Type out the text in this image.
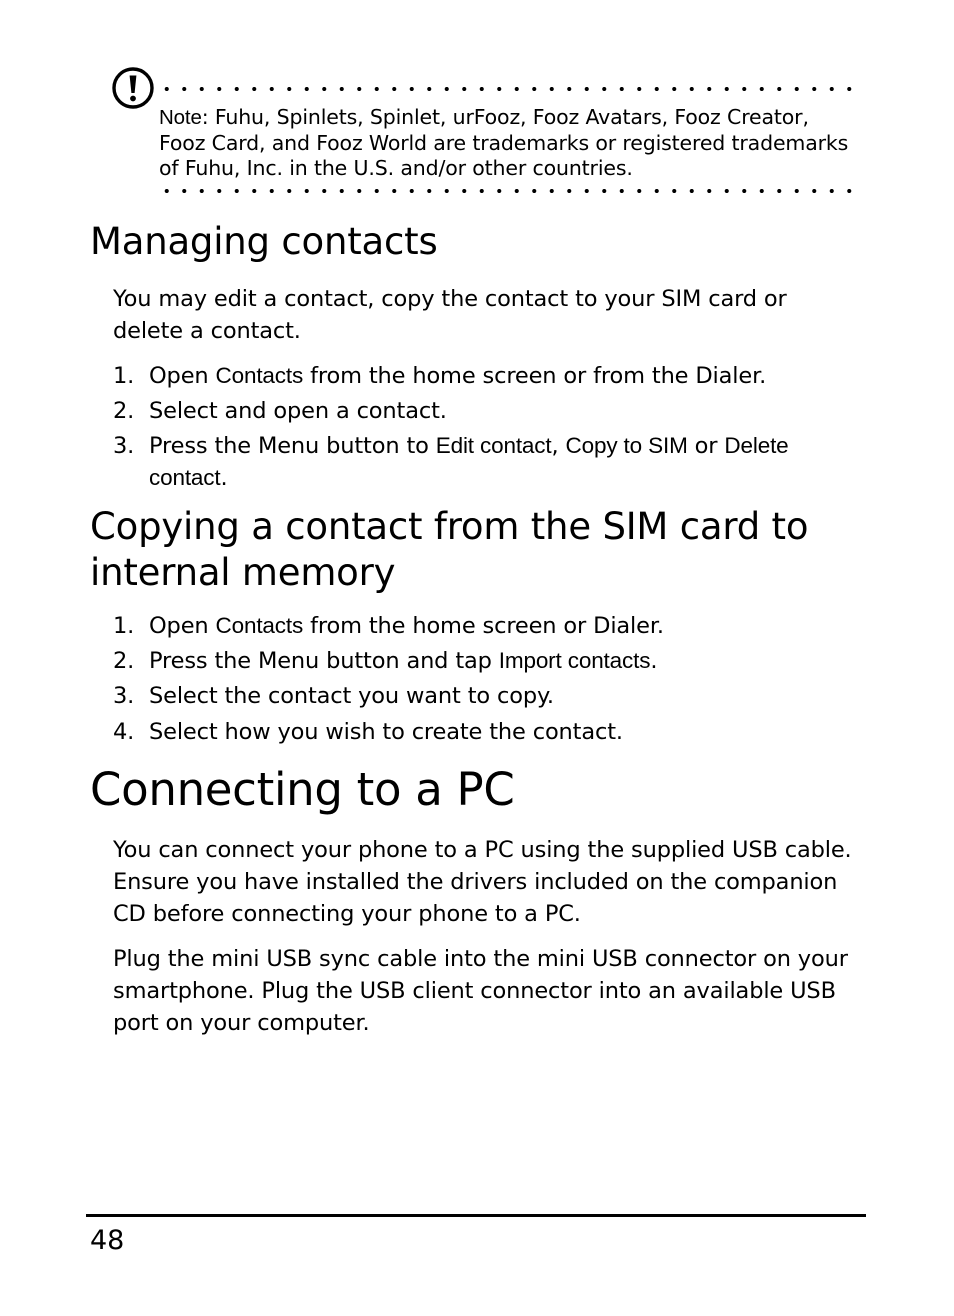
Note: Fuhu, Spinlets, Spinlet, urFooz, Fooz Avatars, Fooz Creator, Fooz Card, and Fooz World are trademarks or registered trademarks of Fuhu, Inc. in the U.S. and/or other countries.
Managing contacts

You may edit a contact, copy the contact to your SIM card or delete a contact.

1. Open Contacts from the home screen or from the Dialer.
2. Select and open a contact.
3. Press the Menu button to Edit contact, Copy to SIM or Delete contact.
Copying a contact from the SIM card to internal memory
1. Open Contacts from the home screen or Dialer.
2. Press the Menu button and tap Import contacts.
3. Select the contact you want to copy.
4. Select how you wish to create the contact.
Connecting to a PC

You can connect your phone to a PC using the supplied USB cable. Ensure you have installed the drivers included on the companion CD before connecting your phone to a PC.

Plug the mini USB sync cable into the mini USB connector on your smartphone. Plug the USB client connector into an available USB port on your computer.

48
